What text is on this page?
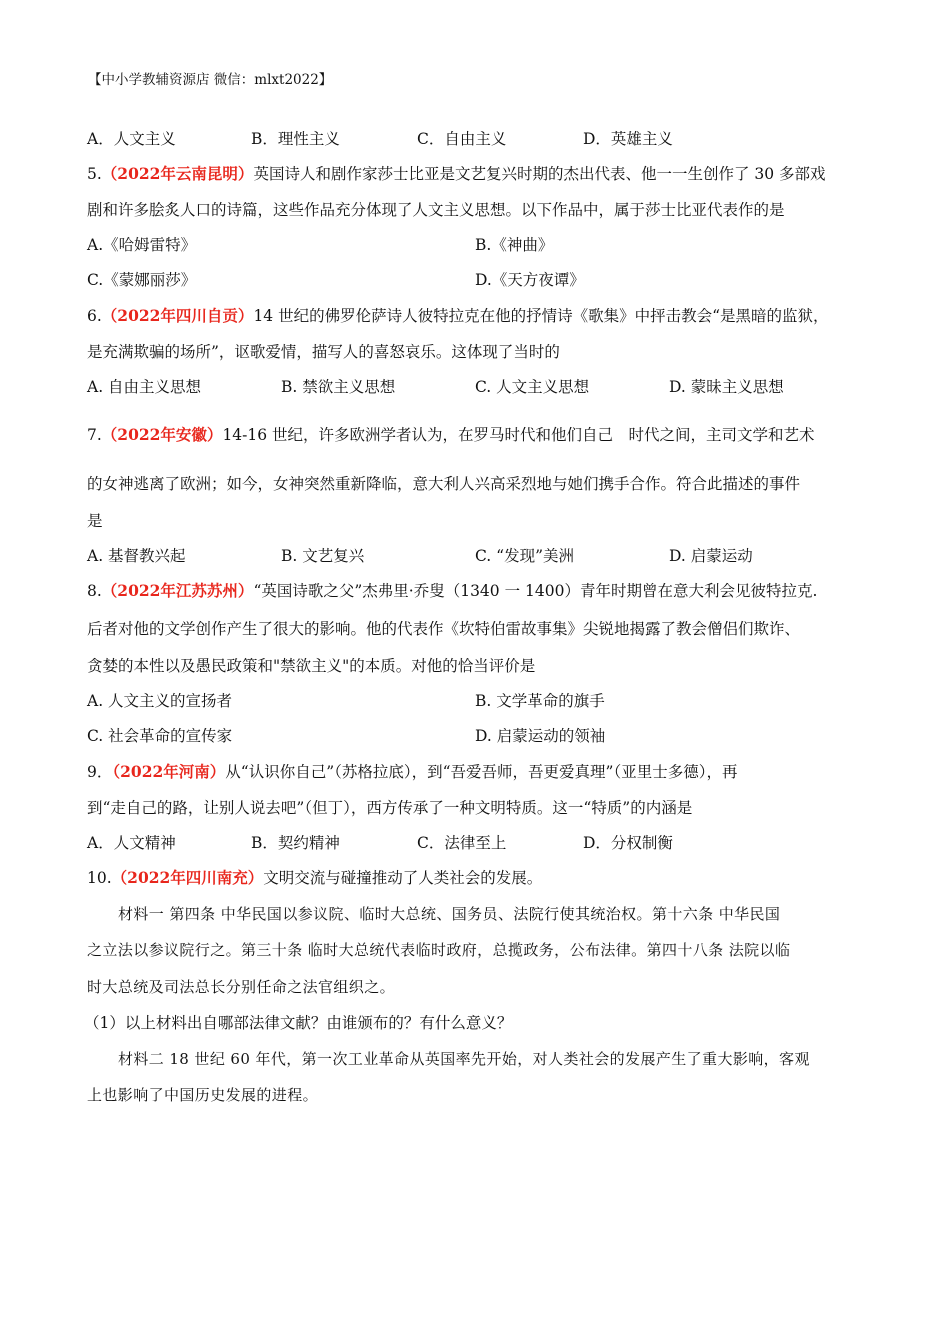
【中小学教辅资源店 微信：mlxt2022】
A．人文主义	B．理性主义	C．自由主义	D．英雄主义
5.（2022年云南昆明）英国诗人和剧作家莎士比亚是文艺复兴时期的杰出代表、他一一生创作了 30 多部戏
剧和许多脍炙人口的诗篇，这些作品充分体现了人文主义思想。以下作品中，属于莎士比亚代表作的是
A.《哈姆雷特》	B.《神曲》
C.《蒙娜丽莎》	D.《天方夜谭》
6.（2022年四川自贡）14 世纪的佛罗伦萨诗人彼特拉克在他的抒情诗《歌集》中抨击教会“是黑暗的监狱，
是充满欺骗的场所”，讴歌爱情，描写人的喜怒哀乐。这体现了当时的
A. 自由主义思想	B. 禁欲主义思想	C. 人文主义思想	D. 蒙昧主义思想
7.（2022年安徽）14-16 世纪，许多欧洲学者认为，在罗马时代和他们自己　时代之间，主司文学和艺术
的女神逃离了欧洲；如今，女神突然重新降临，意大利人兴高采烈地与她们携手合作。符合此描述的事件
是
A. 基督教兴起	B. 文艺复兴	C. “发现”美洲	D. 启蒙运动
8.（2022年江苏苏州）“英国诗歌之父”杰弗里·乔叟（1340 一 1400）青年时期曾在意大利会见彼特拉克.
后者对他的文学创作产生了很大的影响。他的代表作《坎特伯雷故事集》尖锐地揭露了教会僧侣们欺诈、
贪婪的本性以及愚民政策和"禁欲主义"的本质。对他的恰当评价是
A. 人文主义的宣扬者	B. 文学革命的旗手
C. 社会革命的宣传家	D. 启蒙运动的领袖
9．（2022年河南）从“认识你自己”（苏格拉底），到“吾爱吾师，吾更爱真理”（亚里士多德），再
到“走自己的路，让别人说去吧”（但丁），西方传承了一种文明特质。这一“特质”的内涵是
A．人文精神	B．契约精神	C．法律至上	D．分权制衡
10.（2022年四川南充）文明交流与碰撞推动了人类社会的发展。
材料一 第四条 中华民国以参议院、临时大总统、国务员、法院行使其统治权。第十六条 中华民国
之立法以参议院行之。第三十条 临时大总统代表临时政府，总揽政务，公布法律。第四十八条 法院以临
时大总统及司法总长分别任命之法官组织之。
（1）以上材料出自哪部法律文献？由谁颁布的？有什么意义？
材料二 18 世纪 60 年代，第一次工业革命从英国率先开始，对人类社会的发展产生了重大影响，客观
上也影响了中国历史发展的进程。
